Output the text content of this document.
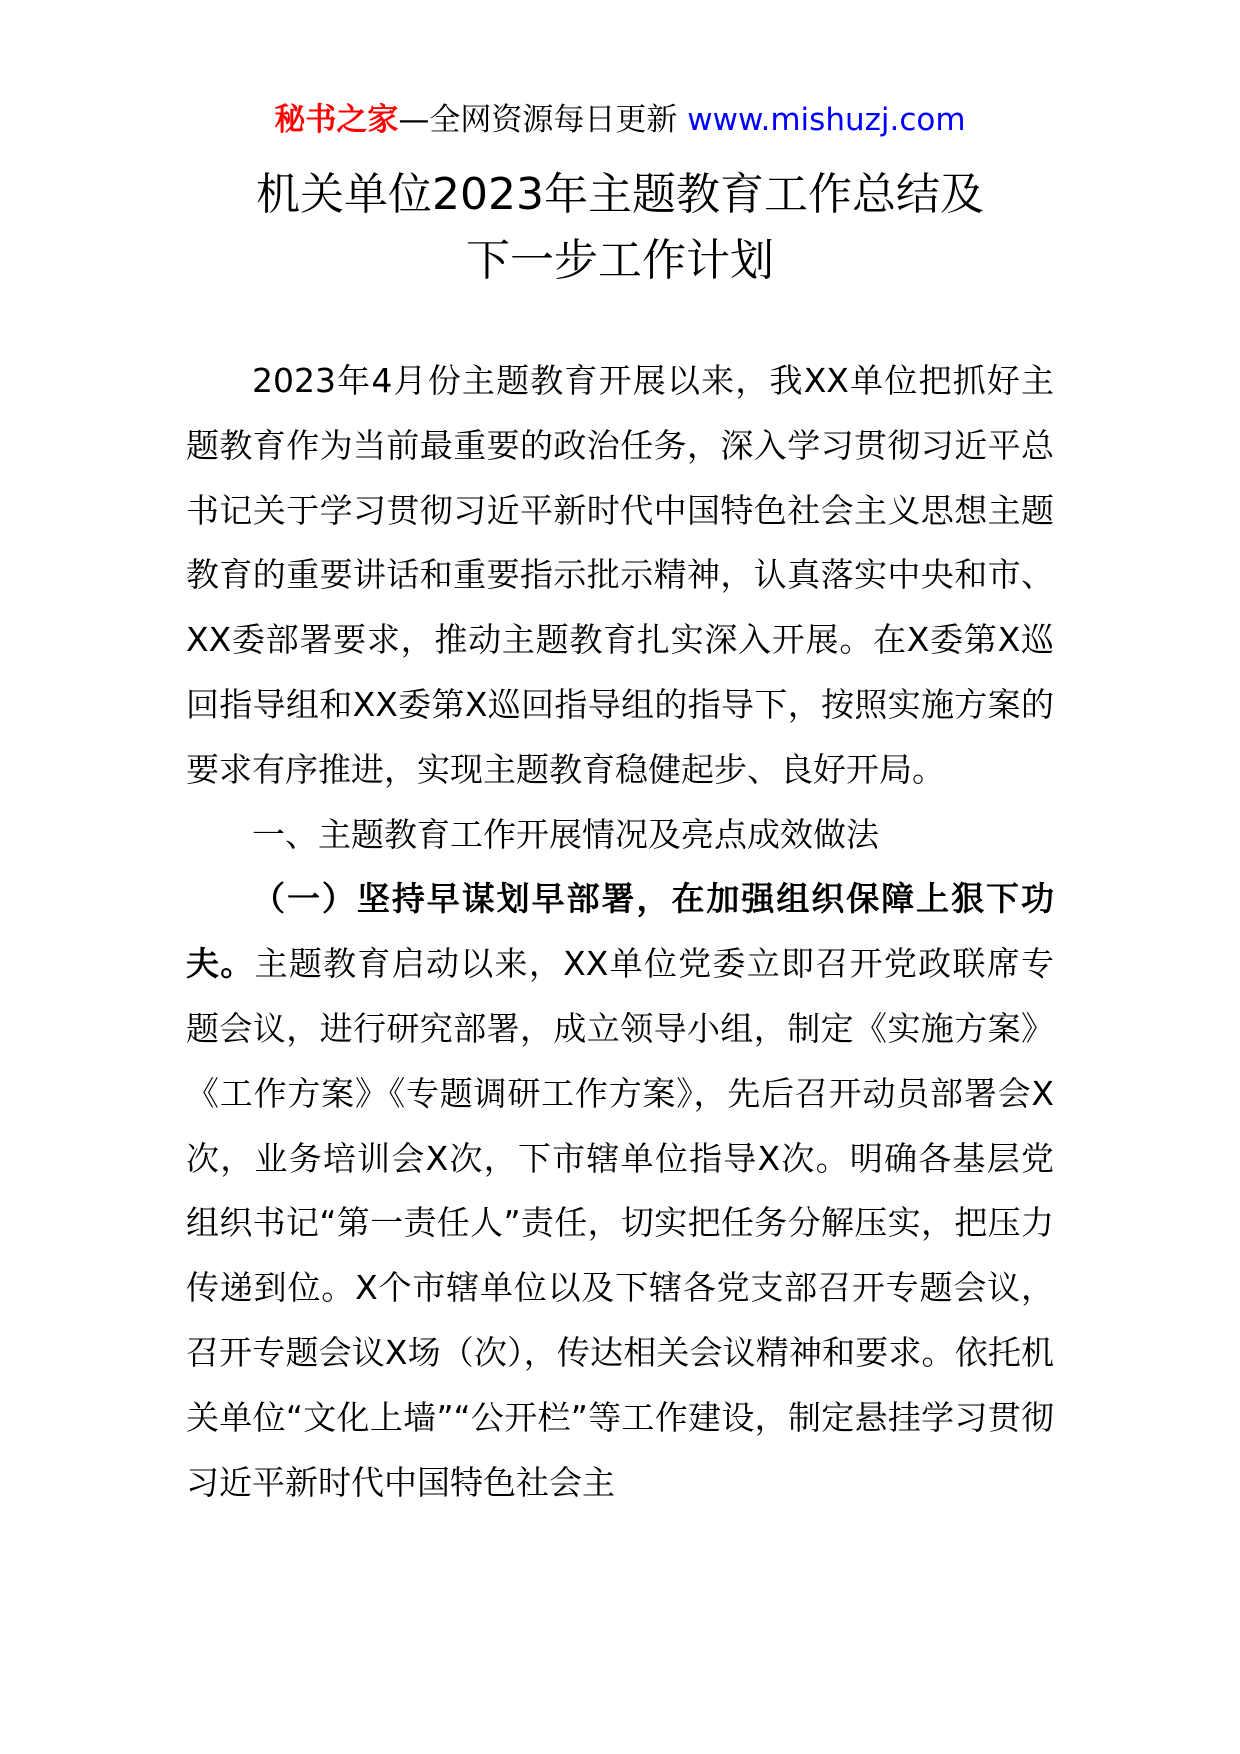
秘书之家—全网资源每日更新 www.mishuzj.com
机关单位2023年主题教育工作总结及
下一步工作计划

2023年4月份主题教育开展以来，我XX单位把抓好主题教育作为当前最重要的政治任务，深入学习贯彻习近平总书记关于学习贯彻习近平新时代中国特色社会主义思想主题教育的重要讲话和重要指示批示精神，认真落实中央和市、XX委部署要求，推动主题教育扎实深入开展。在X委第X巡回指导组和XX委第X巡回指导组的指导下，按照实施方案的要求有序推进，实现主题教育稳健起步、良好开局。

一、主题教育工作开展情况及亮点成效做法

（一）坚持早谋划早部署，在加强组织保障上狠下功夫。主题教育启动以来，XX单位党委立即召开党政联席专题会议，进行研究部署，成立领导小组，制定《实施方案》《工作方案》《专题调研工作方案》，先后召开动员部署会X次，业务培训会X次，下市辖单位指导X次。明确各基层党组织书记“第一责任人”责任，切实把任务分解压实，把压力传递到位。X个市辖单位以及下辖各党支部召开专题会议，召开专题会议X场（次），传达相关会议精神和要求。依托机关单位“文化上墙”“公开栏”等工作建设，制定悬挂学习贯彻习近平新时代中国特色社会主
